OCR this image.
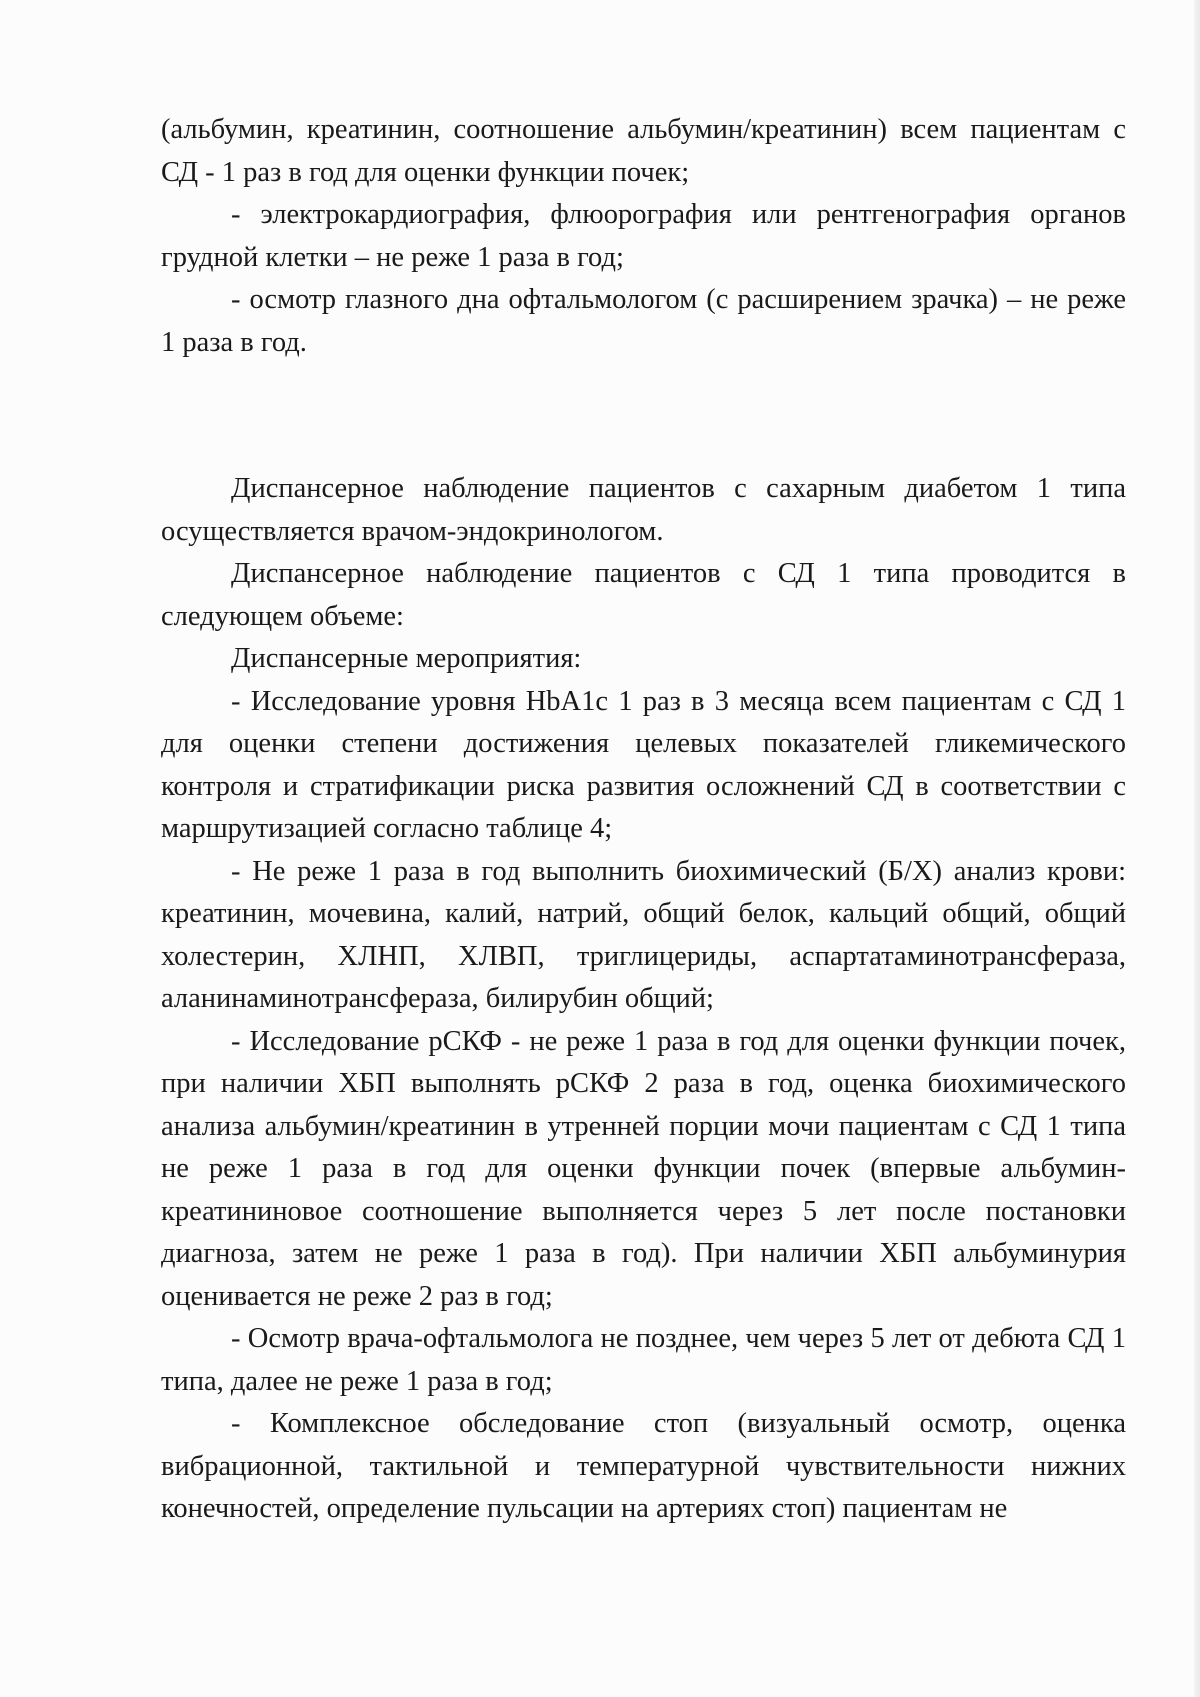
(альбумин, креатинин, соотношение альбумин/креатинин) всем пациентам с СД - 1 раз в год для оценки функции почек;

- электрокардиография, флюорография или рентгенография органов грудной клетки – не реже 1 раза в год;

- осмотр глазного дна офтальмологом (с расширением зрачка) – не реже 1 раза в год.

Диспансерное наблюдение пациентов с сахарным диабетом 1 типа осуществляется врачом-эндокринологом.

Диспансерное наблюдение пациентов с СД 1 типа проводится в следующем объеме:

Диспансерные мероприятия:

- Исследование уровня HbA1c 1 раз в 3 месяца всем пациентам с СД 1 для оценки степени достижения целевых показателей гликемического контроля и стратификации риска развития осложнений СД в соответствии с маршрутизацией согласно таблице 4;

- Не реже 1 раза в год выполнить биохимический (Б/Х) анализ крови: креатинин, мочевина, калий, натрий, общий белок, кальций общий, общий холестерин, ХЛНП, ХЛВП, триглицериды, аспартатаминотрансфераза, аланинаминотрансфераза, билирубин общий;

- Исследование рСКФ - не реже 1 раза в год для оценки функции почек, при наличии ХБП выполнять рСКФ 2 раза в год, оценка биохимического анализа альбумин/креатинин в утренней порции мочи пациентам с СД 1 типа не реже 1 раза в год для оценки функции почек (впервые альбумин-креатининовое соотношение выполняется через 5 лет после постановки диагноза, затем не реже 1 раза в год). При наличии ХБП альбуминурия оценивается не реже 2 раз в год;

- Осмотр врача-офтальмолога не позднее, чем через 5 лет от дебюта СД 1 типа, далее не реже 1 раза в год;

- Комплексное обследование стоп (визуальный осмотр, оценка вибрационной, тактильной и температурной чувствительности нижних конечностей, определение пульсации на артериях стоп) пациентам не
